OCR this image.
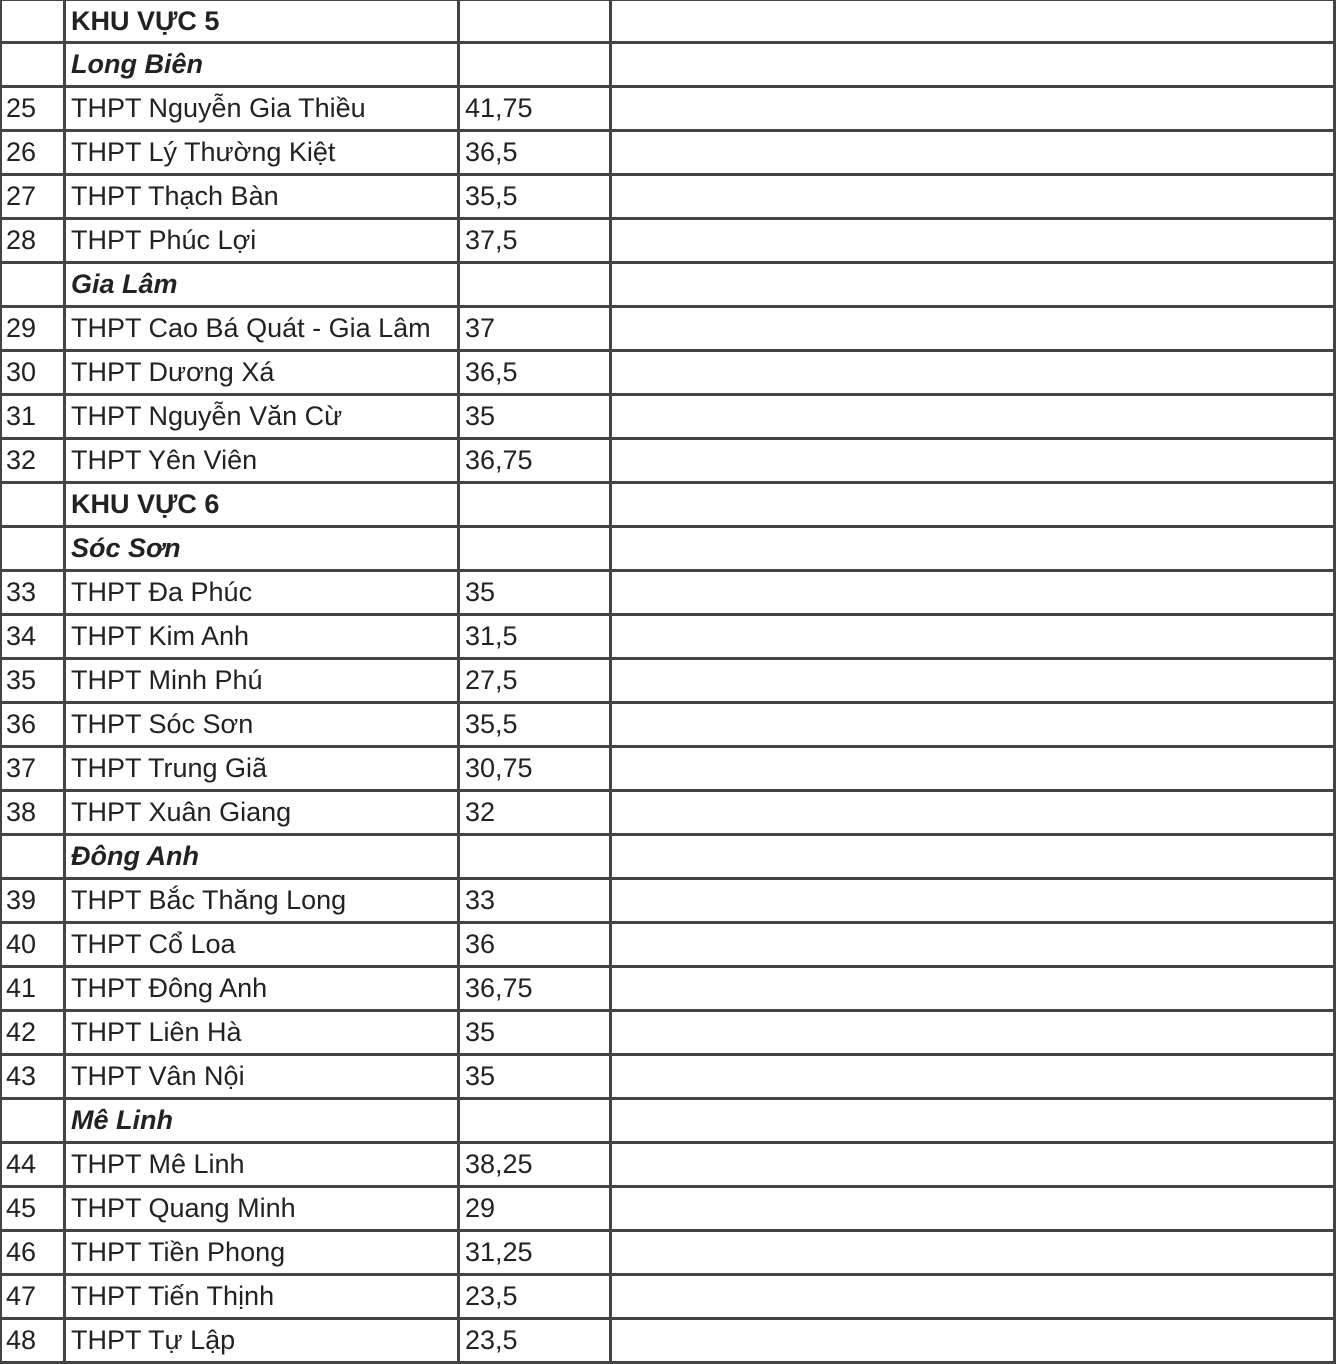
	KHU VỰC 5		
	Long Biên		
25	THPT Nguyễn Gia Thiều	41,75	
26	THPT Lý Thường Kiệt	36,5	
27	THPT Thạch Bàn	35,5	
28	THPT Phúc Lợi	37,5	
	Gia Lâm		
29	THPT Cao Bá Quát - Gia Lâm	37	
30	THPT Dương Xá	36,5	
31	THPT Nguyễn Văn Cừ	35	
32	THPT Yên Viên	36,75	
	KHU VỰC 6		
	Sóc Sơn		
33	THPT Đa Phúc	35	
34	THPT Kim Anh	31,5	
35	THPT Minh Phú	27,5	
36	THPT Sóc Sơn	35,5	
37	THPT Trung Giã	30,75	
38	THPT Xuân Giang	32	
	Đông Anh		
39	THPT Bắc Thăng Long	33	
40	THPT Cổ Loa	36	
41	THPT Đông Anh	36,75	
42	THPT Liên Hà	35	
43	THPT Vân Nội	35	
	Mê Linh		
44	THPT Mê Linh	38,25	
45	THPT Quang Minh	29	
46	THPT Tiền Phong	31,25	
47	THPT Tiến Thịnh	23,5	
48	THPT Tự Lập	23,5	
